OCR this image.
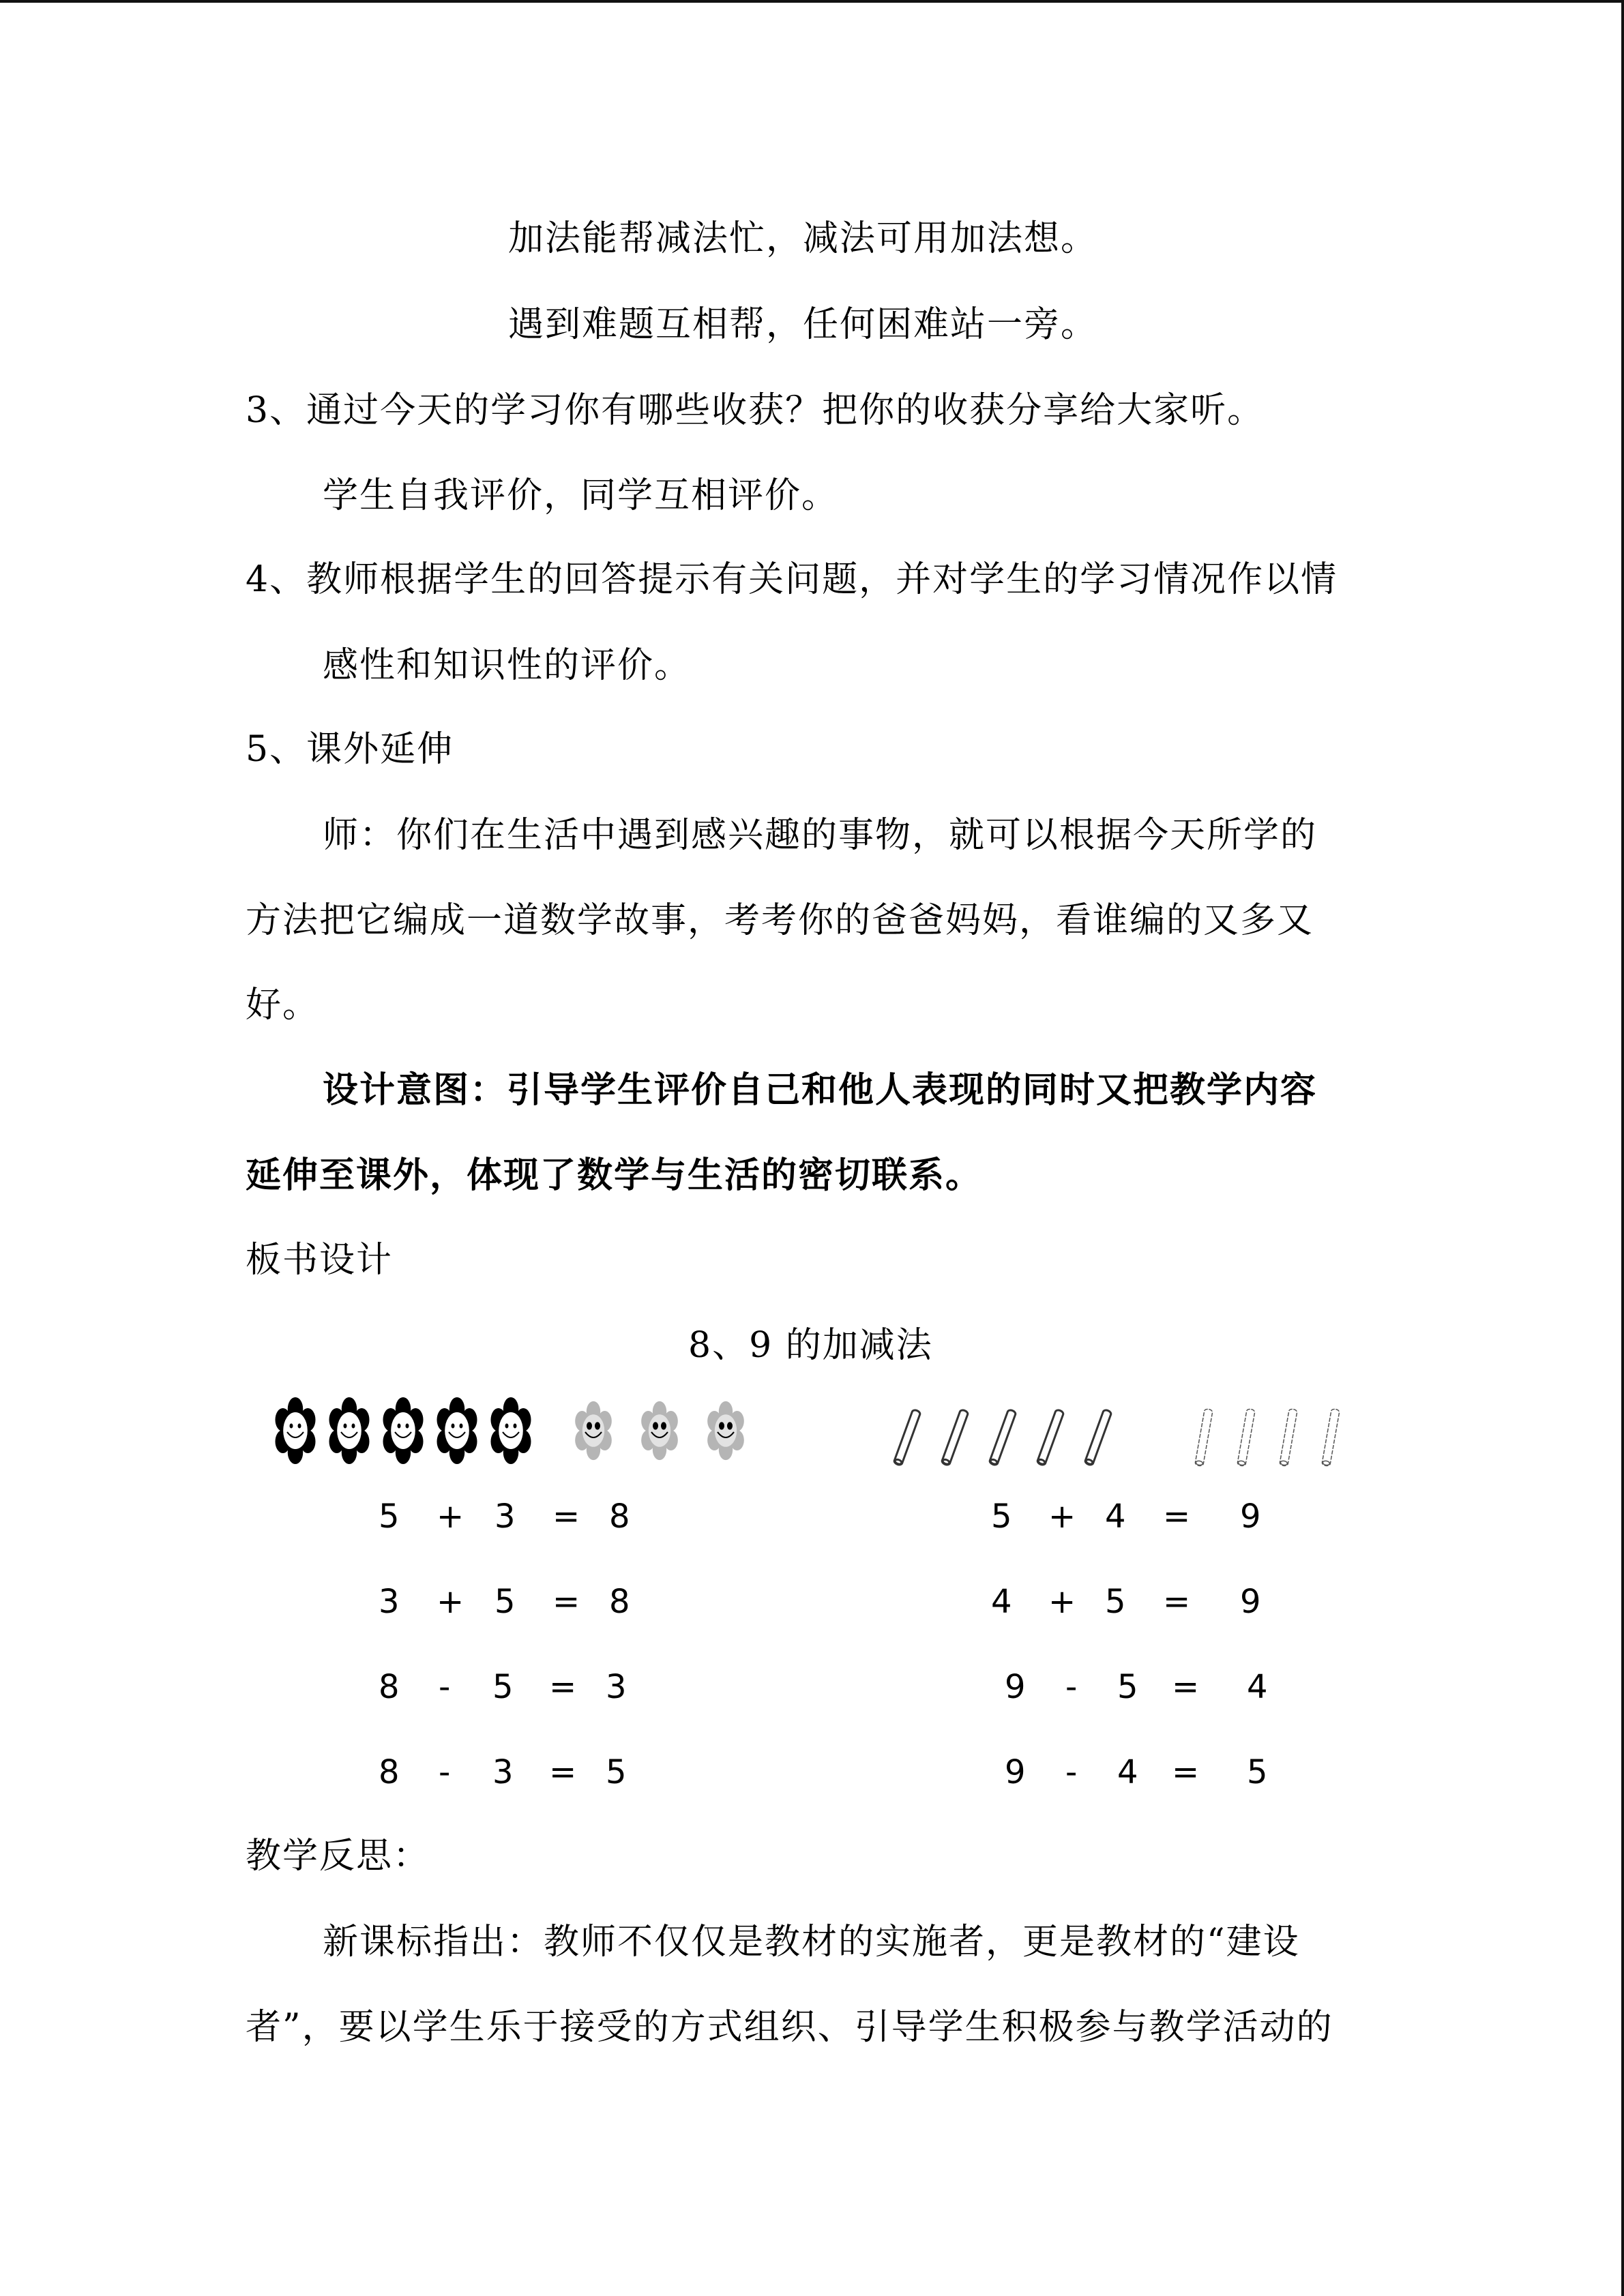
加法能帮减法忙，减法可用加法想。
遇到难题互相帮，任何困难站一旁。
3、通过今天的学习你有哪些收获？把你的收获分享给大家听。
学生自我评价，同学互相评价。
4、教师根据学生的回答提示有关问题，并对学生的学习情况作以情
感性和知识性的评价。
5、课外延伸
师：你们在生活中遇到感兴趣的事物，就可以根据今天所学的
方法把它编成一道数学故事，考考你的爸爸妈妈，看谁编的又多又
好。
设计意图：引导学生评价自己和他人表现的同时又把教学内容
延伸至课外，体现了数学与生活的密切联系。
板书设计
8、9 的加减法
5 + 3 = 8
3 + 5 = 8
8 - 5 = 3
8 - 3 = 5
5 + 4 = 9
4 + 5 = 9
9 - 5 = 4
9 - 4 = 5
教学反思：
新课标指出：教师不仅仅是教材的实施者，更是教材的“建设
者”，要以学生乐于接受的方式组织、引导学生积极参与教学活动的
